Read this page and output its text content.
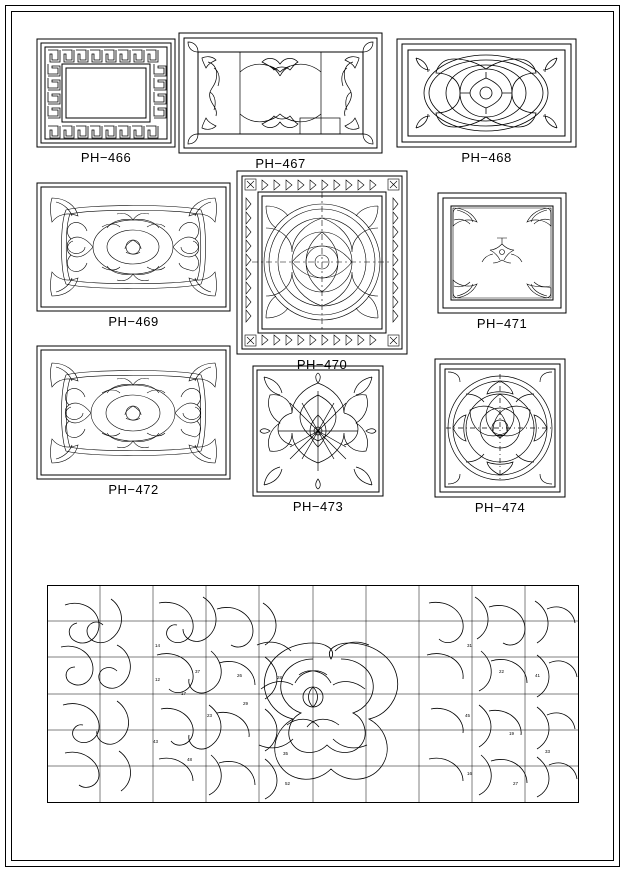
PH−466	PH−467	PH−468
PH−469
PH−470
PH−471
PH−472
PH−473	PH−474
14
37
26	28
12
17
23
29
35
43
48
52
31
22
41
45
19
33
16
27
